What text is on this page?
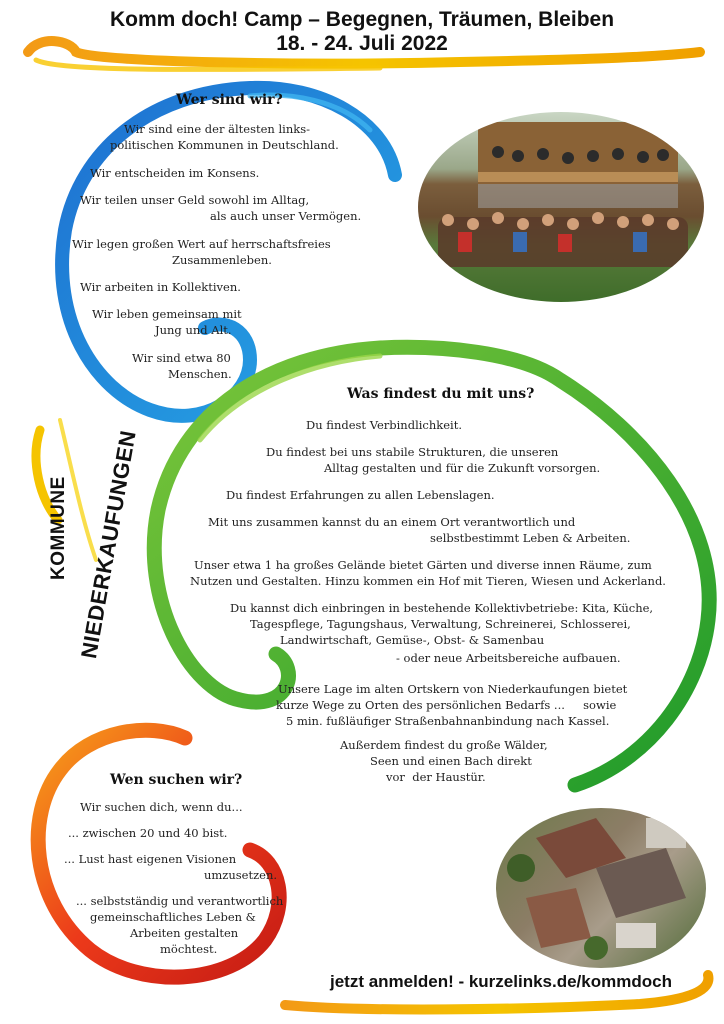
Komm doch! Camp – Begegnen, Träumen, Bleiben
18. - 24. Juli 2022
KOMMUNE NIEDERKAUFUNGEN
Wer sind wir?
Wir sind eine der ältesten links-
politischen Kommunen in Deutschland.
Wir entscheiden im Konsens.
Wir teilen unser Geld sowohl im Alltag,
als auch unser Vermögen.
Wir legen großen Wert auf herrschaftsfreies
Zusammenleben.
Wir arbeiten in Kollektiven.
Wir leben gemeinsam mit
Jung und Alt.
Wir sind etwa 80
Menschen.
Was findest du mit uns?
Du findest Verbindlichkeit.
Du findest bei uns stabile Strukturen, die unseren
Alltag gestalten und für die Zukunft vorsorgen.
Du findest Erfahrungen zu allen Lebenslagen.
Mit uns zusammen kannst du an einem Ort verantwortlich und
selbstbestimmt Leben & Arbeiten.
Unser etwa 1 ha großes Gelände bietet Gärten und diverse innen Räume, zum
Nutzen und Gestalten. Hinzu kommen ein Hof mit Tieren, Wiesen und Ackerland.
Du kannst dich einbringen in bestehende Kollektivbetriebe: Kita, Küche,
Tagespflege, Tagungshaus, Verwaltung, Schreinerei, Schlosserei,
Landwirtschaft, Gemüse-, Obst- & Samenbau
- oder neue Arbeitsbereiche aufbauen.
Unsere Lage im alten Ortskern von Niederkaufungen bietet
kurze Wege zu Orten des persönlichen Bedarfs ...     sowie
5 min. fußläufiger Straßenbahnanbindung nach Kassel.
Außerdem findest du große Wälder,
Seen und einen Bach direkt
vor  der Haustür.
Wen suchen wir?
Wir suchen dich, wenn du...
... zwischen 20 und 40 bist.
... Lust hast eigenen Visionen
umzusetzen.
... selbstständig und verantwortlich
gemeinschaftliches Leben &
Arbeiten gestalten
möchtest.
jetzt anmelden! - kurzelinks.de/kommdoch
